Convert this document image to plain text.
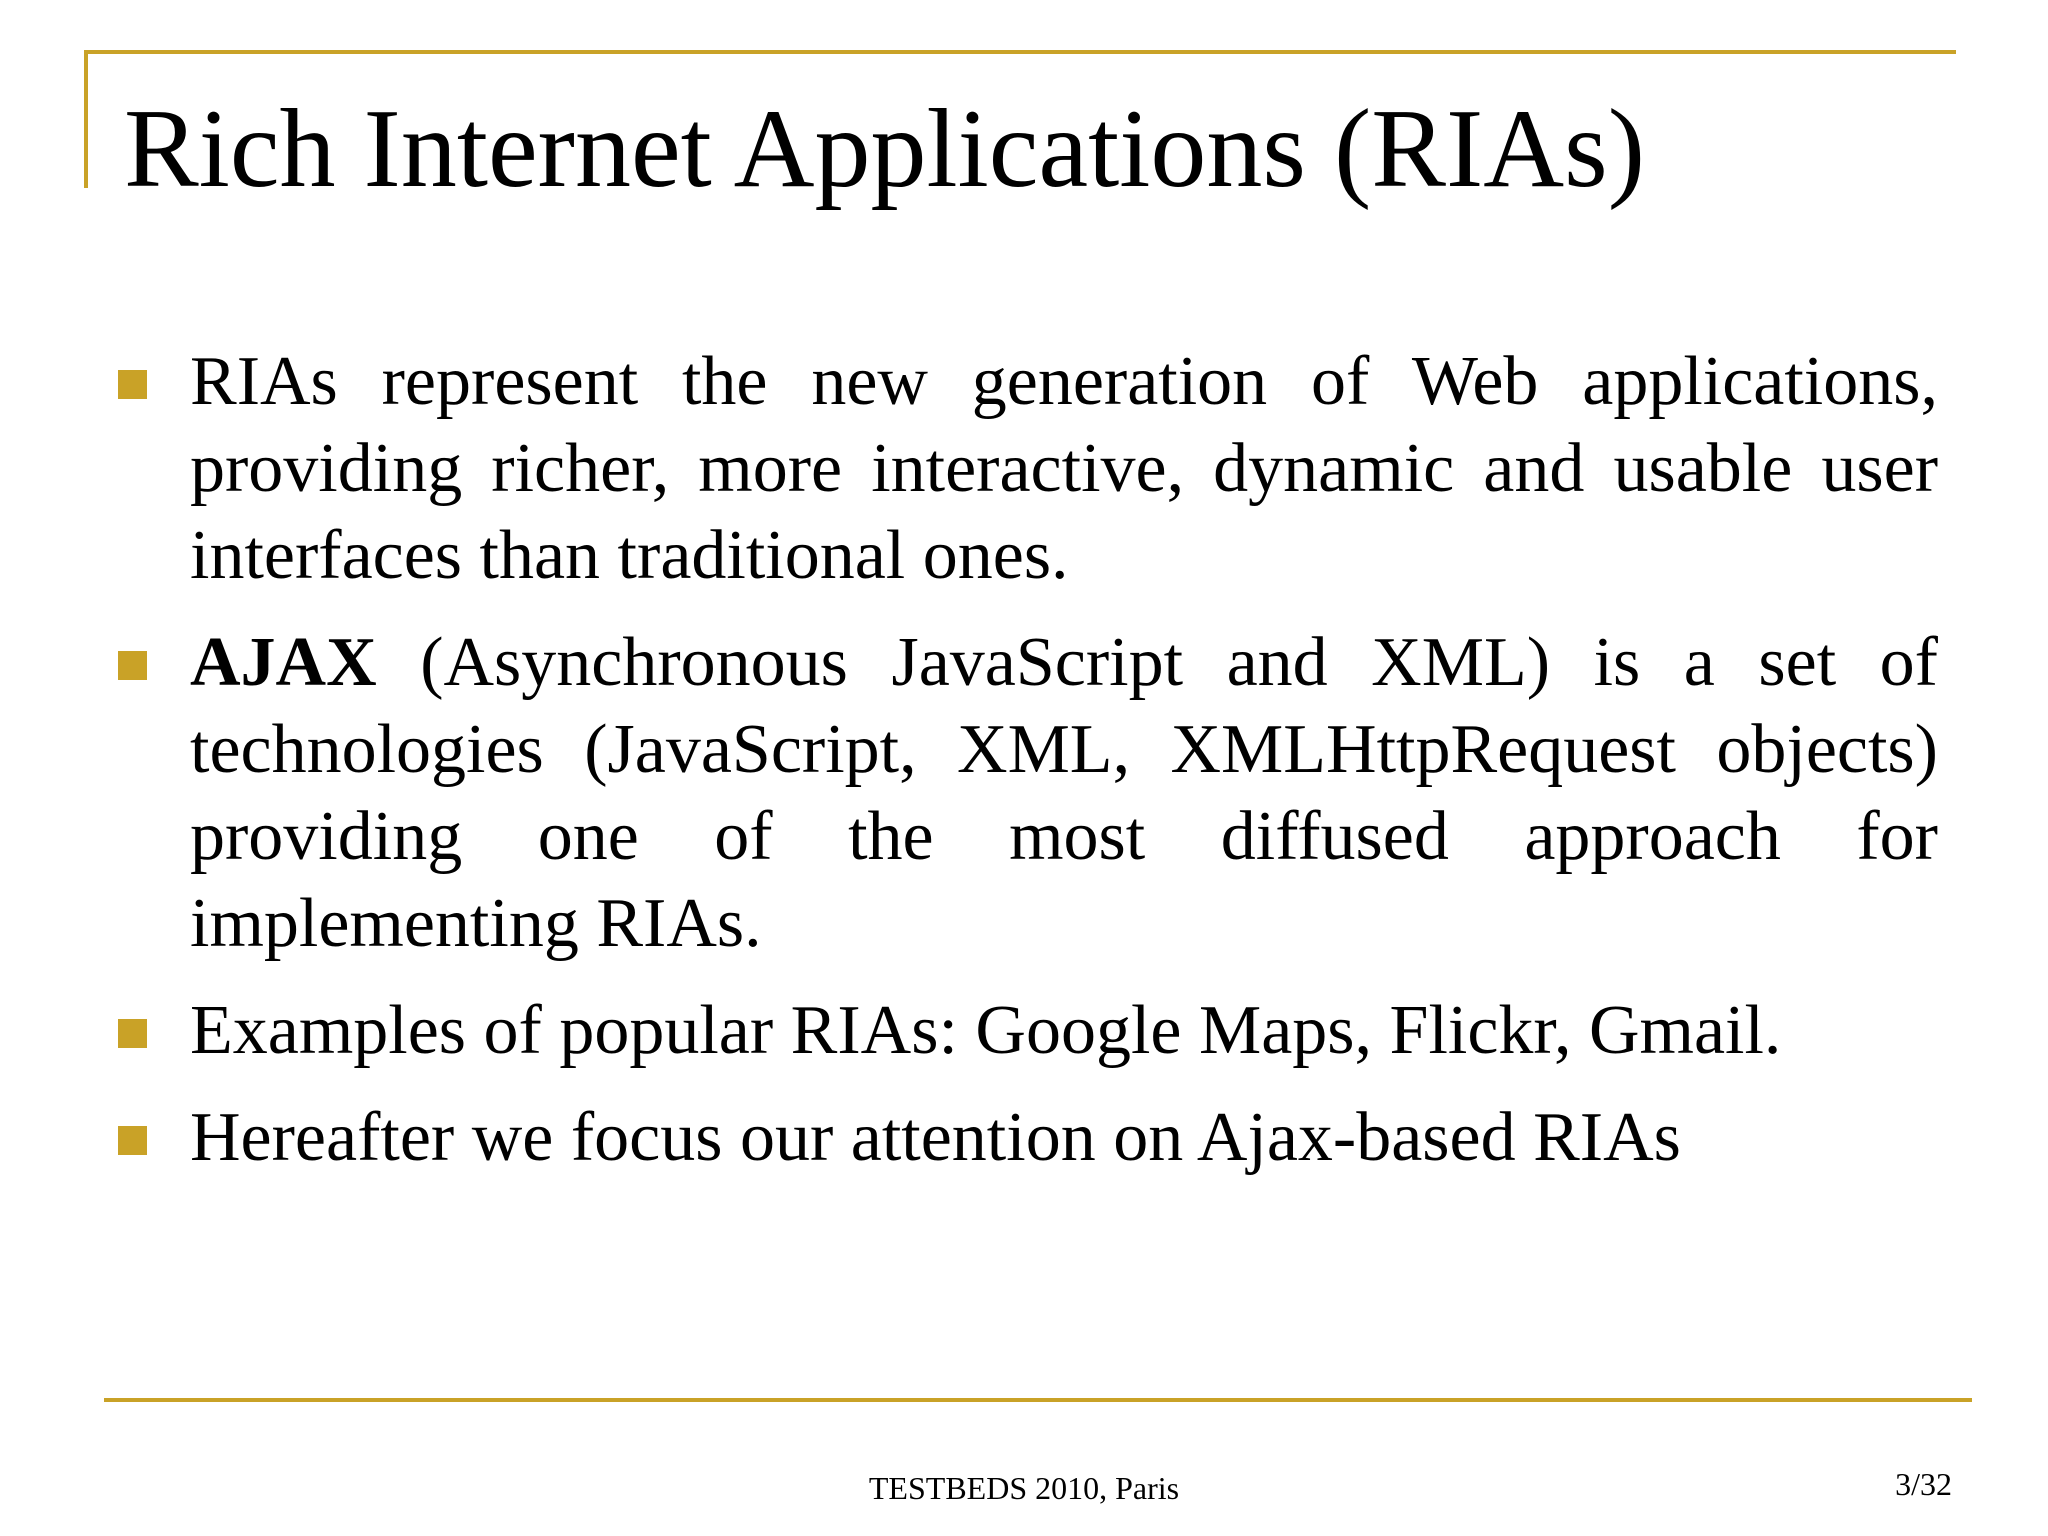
Rich Internet Applications (RIAs)
RIAs represent the new generation of Web applications, providing richer, more interactive, dynamic and usable user interfaces than traditional ones.
AJAX (Asynchronous JavaScript and XML) is a set of technologies (JavaScript, XML, XMLHttpRequest objects) providing one of the most diffused approach for implementing RIAs.
Examples of popular RIAs: Google Maps, Flickr, Gmail.
Hereafter we focus our attention on Ajax-based RIAs
TESTBEDS 2010, Paris	3/32
